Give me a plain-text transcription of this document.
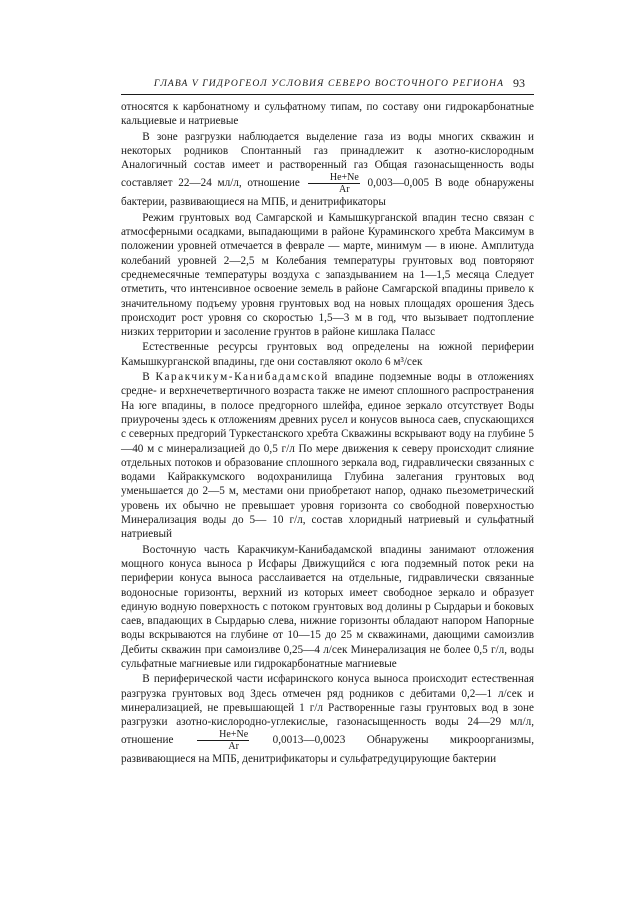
ГЛАВА V ГИДРОГЕОЛ УСЛОВИЯ СЕВЕРО ВОСТОЧНОГО РЕГИОНА 93

относятся к карбонатному и сульфатному типам, по составу они гидрокарбонатные кальциевые и натриевые

В зоне разгрузки наблюдается выделение газа из воды многих скважин и некоторых родников Спонтанный газ принадлежит к азотно-кислородным Аналогичный состав имеет и растворенный газ Общая газонасыщенность воды составляет 22—24 мл/л, отношение $\frac{He+Ne}{Ar}$ 0,003—0,005 В воде обнаружены бактерии, развивающиеся на МПБ, и денитрификаторы

Режим грунтовых вод Самгарской и Камышкурганской впадин тесно связан с атмосферными осадками, выпадающими в районе Курaминского хребта Максимум в положении уровней отмечается в феврале — марте, минимум — в июне. Амплитуда колебаний уровней 2—2,5 м Колебания температуры грунтовых вод повторяют среднемесячные температуры воздуха с запаздыванием на 1—1,5 месяца Следует отметить, что интенсивное освоение земель в районе Самгарской впадины привело к значительному подъему уровня грунтовых вод на новых площадях орошения Здесь происходит рост уровня со скоростью 1,5—3 м в год, что вызывает подтопление низких территории и засоление грунтов в районе кишлака Паласс

Естественные ресурсы грунтовых вод определены на южной периферии Камышкурганской впадины, где они составляют около 6 м³/сек

В Каракчикум-Канибадамской впадине подземные воды в отложениях средне- и верхнечетвертичного возраста также не имеют сплошного распространения На юге впадины, в полосе предгорного шлейфа, единое зеркало отсутствует Воды приурочены здесь к отложениям древних русел и конусов выноса саев, спускающихся с северных предгорий Туркестанского хребта Скважины вскрывают воду на глубине 5—40 м с минерализацией до 0,5 г/л По мере движения к северу происходит слияние отдельных потоков и образование сплошного зеркала вод, гидравлически связанных с водами Кайраккумского водохранилища Глубина залегания грунтовых вод уменьшается до 2—5 м, местами они приобретают напор, однако пьезометрический уровень их обычно не превышает уровня горизонта со свободной поверхностью Минерализация воды до 5— 10 г/л, состав хлоридный натриевый и сульфатный натриевый

Восточную часть Каракчикум-Канибадамской впадины занимают отложения мощного конуса выноса р Исфары Движущийся с юга подземный поток реки на периферии конуса выноса расслаивается на отдельные, гидравлически связанные водоносные горизонты, верхний из которых имеет свободное зеркало и образует единую водную поверхность с потоком грунтовых вод долины р Сырдарьи и боковых саев, впадающих в Сырдарью слева, нижние горизонты обладают напором Напорные воды вскрываются на глубине от 10—15 до 25 м скважинами, дающими самоизлив Дебиты скважин при самоизливе 0,25—4 л/сек Минерализация не более 0,5 г/л, воды сульфатные магниевые или гидрокарбонатные магниевые

В периферической части исфаринского конуса выноса происходит естественная разгрузка грунтовых вод Здесь отмечен ряд родников с дебитами 0,2—1 л/сек и минерализацией, не превышающей 1 г/л Растворенные газы грунтовых вод в зоне разгрузки азотно-кислородно-углекислые, газонасыщенность воды 24—29 мл/л, отношение $\frac{He+Ne}{Ar}$ 0,0013—0,0023 Обнаружены микроорганизмы, развивающиеся на МПБ, денитрификаторы и сульфатредуцирующие бактерии
